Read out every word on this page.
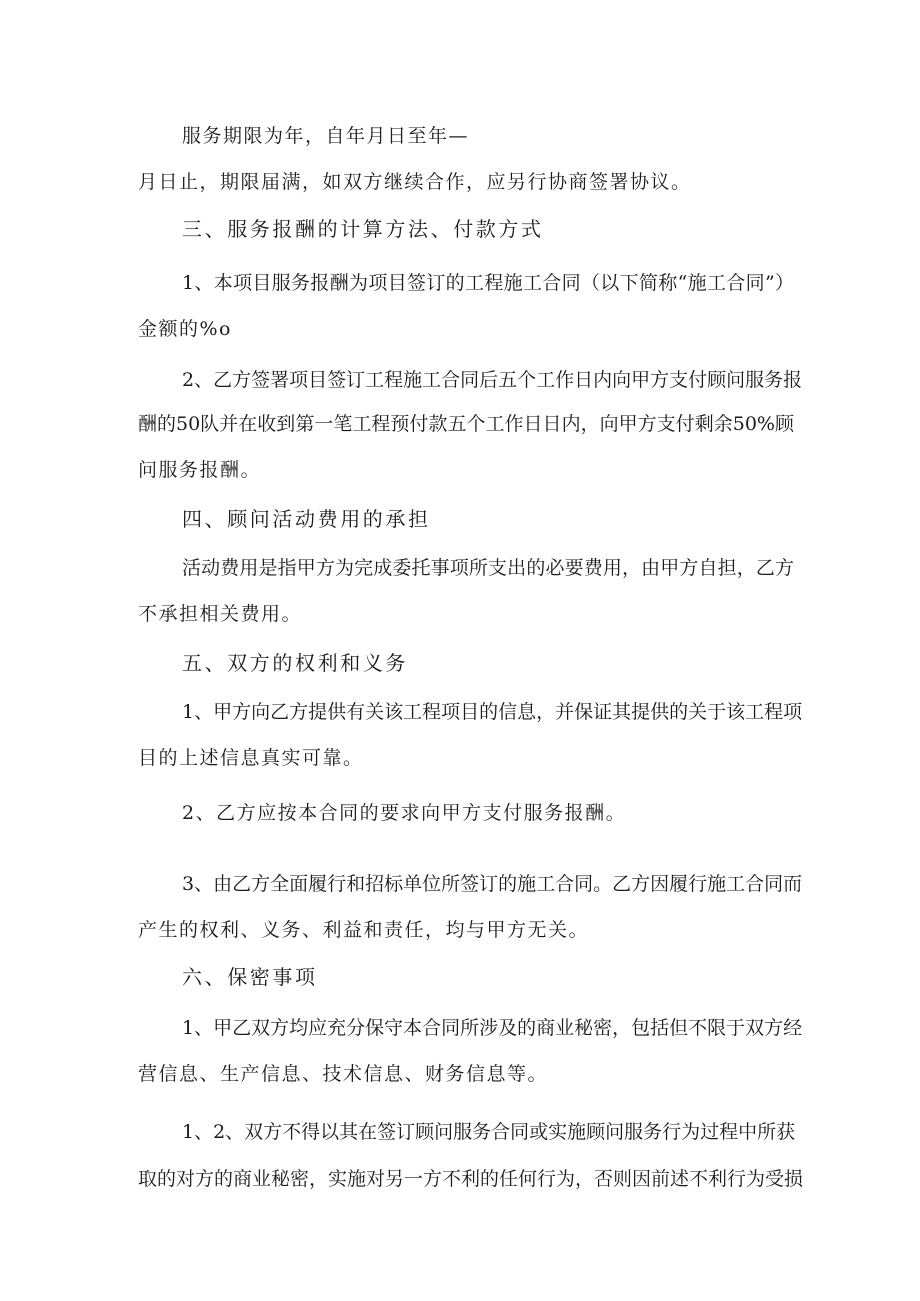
服务期限为年，自年月日至年—
月日止，期限届满，如双方继续合作，应另行协商签署协议。
三、服务报酬的计算方法、付款方式
1、本项目服务报酬为项目签订的工程施工合同（以下简称“施工合同”）
金额的%o
2、乙方签署项目签订工程施工合同后五个工作日内向甲方支付顾问服务报
酬的50队并在收到第一笔工程预付款五个工作日日内，向甲方支付剩余50%顾
问服务报酬。
四、顾问活动费用的承担
活动费用是指甲方为完成委托事项所支出的必要费用，由甲方自担，乙方
不承担相关费用。
五、双方的权利和义务
1、甲方向乙方提供有关该工程项目的信息，并保证其提供的关于该工程项
目的上述信息真实可靠。
2、乙方应按本合同的要求向甲方支付服务报酬。
3、由乙方全面履行和招标单位所签订的施工合同。乙方因履行施工合同而
产生的权利、义务、利益和责任，均与甲方无关。
六、保密事项
1、甲乙双方均应充分保守本合同所涉及的商业秘密，包括但不限于双方经
营信息、生产信息、技术信息、财务信息等。
1、2、双方不得以其在签订顾问服务合同或实施顾问服务行为过程中所获
取的对方的商业秘密，实施对另一方不利的任何行为，否则因前述不利行为受损
